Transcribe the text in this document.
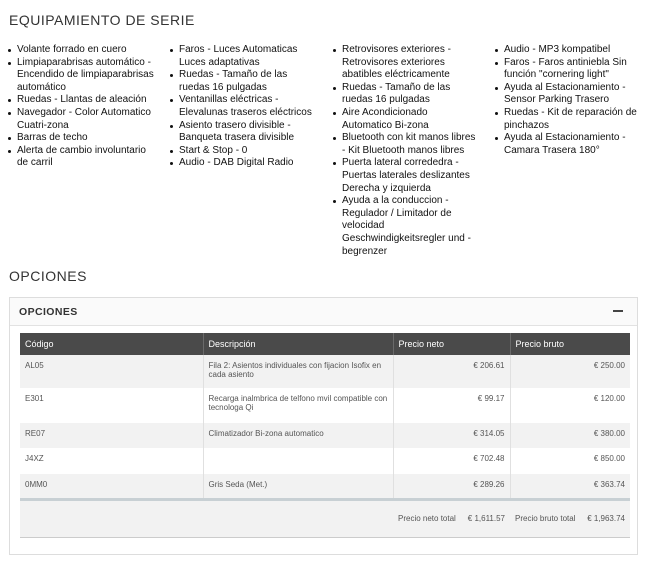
EQUIPAMIENTO DE SERIE
Volante forrado en cuero
Limpiaparabrisas automático - Encendido de limpiaparabrisas automático
Ruedas - Llantas de aleación
Navegador - Color Automatico Cuatri-zona
Barras de techo
Alerta de cambio involuntario de carril
Faros - Luces Automaticas Luces adaptativas
Ruedas - Tamaño de las ruedas 16 pulgadas
Ventanillas eléctricas - Elevalunas traseros eléctricos
Asiento trasero divisible - Banqueta trasera divisible
Start & Stop - 0
Audio - DAB Digital Radio
Retrovisores exteriores - Retrovisores exteriores abatibles eléctricamente
Ruedas - Tamaño de las ruedas 16 pulgadas
Aire Acondicionado Automatico Bi-zona
Bluetooth con kit manos libres - Kit Bluetooth manos libres
Puerta lateral corrededra - Puertas laterales deslizantes Derecha y izquierda
Ayuda a la conduccion - Regulador / Limitador de velocidad Geschwindigkeitsregler und -begrenzer
Audio - MP3 kompatibel
Faros - Faros antiniebla Sin función "cornering light"
Ayuda al Estacionamiento - Sensor Parking Trasero
Ruedas - Kit de reparación de pinchazos
Ayuda al Estacionamiento - Camara Trasera 180°
OPCIONES
OPCIONES
Código	Descripción	Precio neto	Precio bruto
AL05	Fila 2: Asientos individuales con fijacion Isofix en cada asiento	€ 206.61	€ 250.00
E301	Recarga inalmbrica de telfono mvil compatible con tecnologa Qi	€ 99.17	€ 120.00
RE07	Climatizador Bi-zona automatico	€ 314.05	€ 380.00
J4XZ		€ 702.48	€ 850.00
0MM0	Gris Seda (Met.)	€ 289.26	€ 363.74

		Precio neto total € 1,611.57	Precio bruto total € 1,963.74
